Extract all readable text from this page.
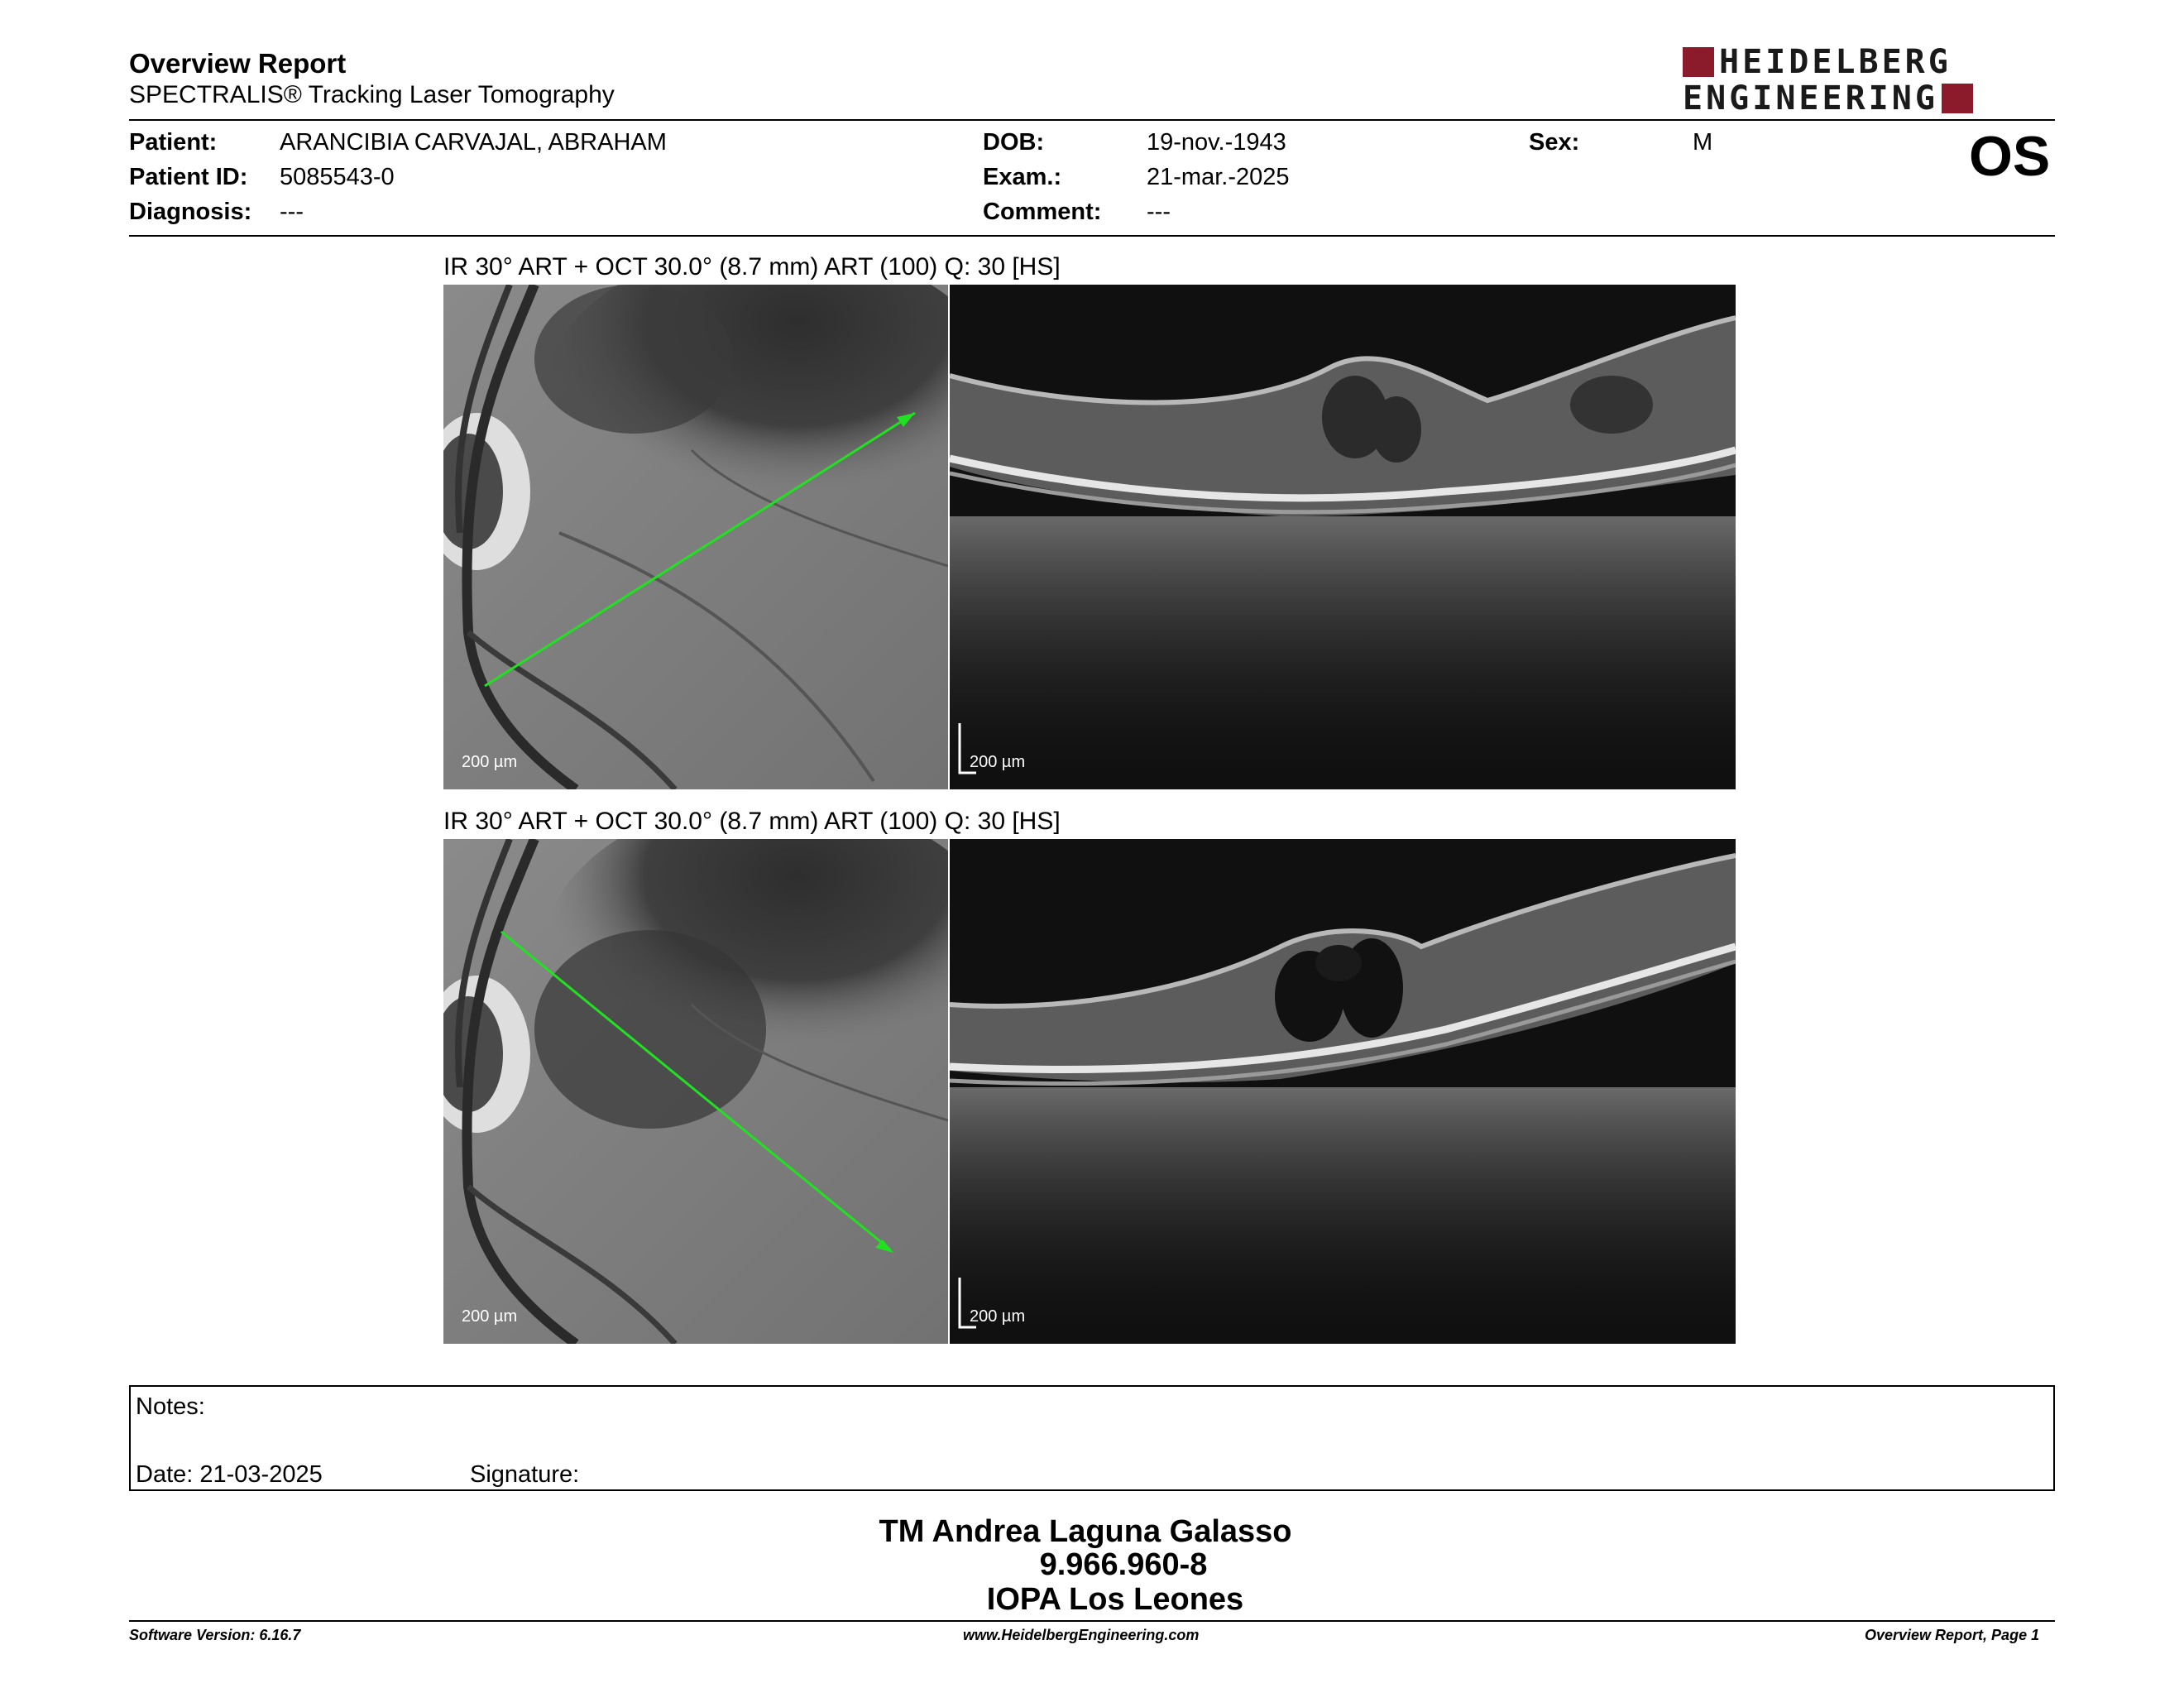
Overview Report
SPECTRALIS® Tracking Laser Tomography
HEIDELBERG
ENGINEERING
Patient:	ARANCIBIA CARVAJAL, ABRAHAM
Patient ID: 5085543-0
Diagnosis: ---
DOB:	19-nov.-1943
Exam.:	21-mar.-2025
Comment: ---
Sex:	M	OS
IR 30° ART + OCT 30.0° (8.7 mm) ART (100) Q: 30 [HS]
200 µm	200 µm
IR 30° ART + OCT 30.0° (8.7 mm) ART (100) Q: 30 [HS]
200 µm	200 µm
Notes:
Date: 21-03-2025	Signature:
TM Andrea Laguna Galasso
9.966.960-8
IOPA Los Leones
Software Version: 6.16.7	www.HeidelbergEngineering.com	Overview Report, Page 1
